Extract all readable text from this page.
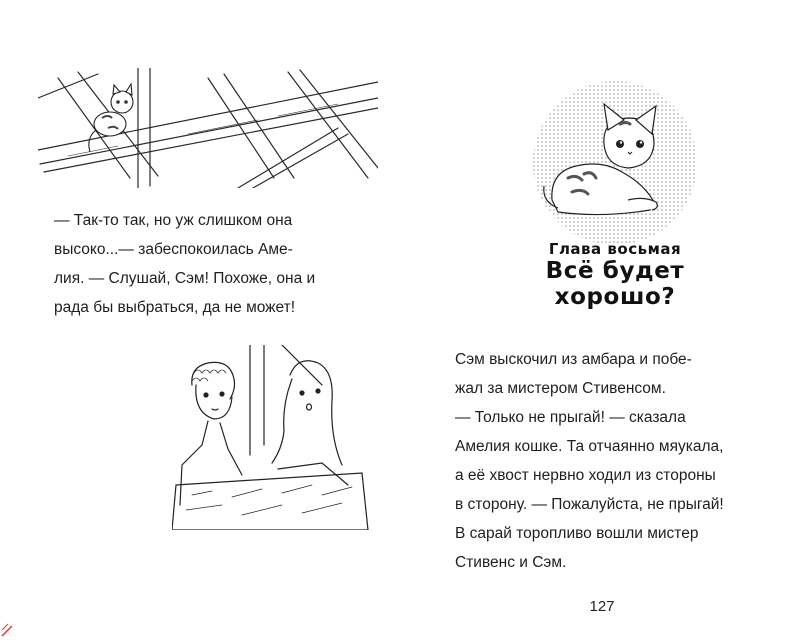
— Так-то так, но уж слишком она
высоко...— забеспокоилась Аме-
лия. — Слушай, Сэм! Похоже, она и
рада бы выбраться, да не может!

Глава восьмая
Всё будет хорошо?

Сэм выскочил из амбара и побе-
жал за мистером Стивенсом.
— Только не прыгай! — сказала
Амелия кошке. Та отчаянно мяукала,
а её хвост нервно ходил из стороны
в сторону. — Пожалуйста, не прыгай!
В сарай торопливо вошли мистер
Стивенс и Сэм.

127
